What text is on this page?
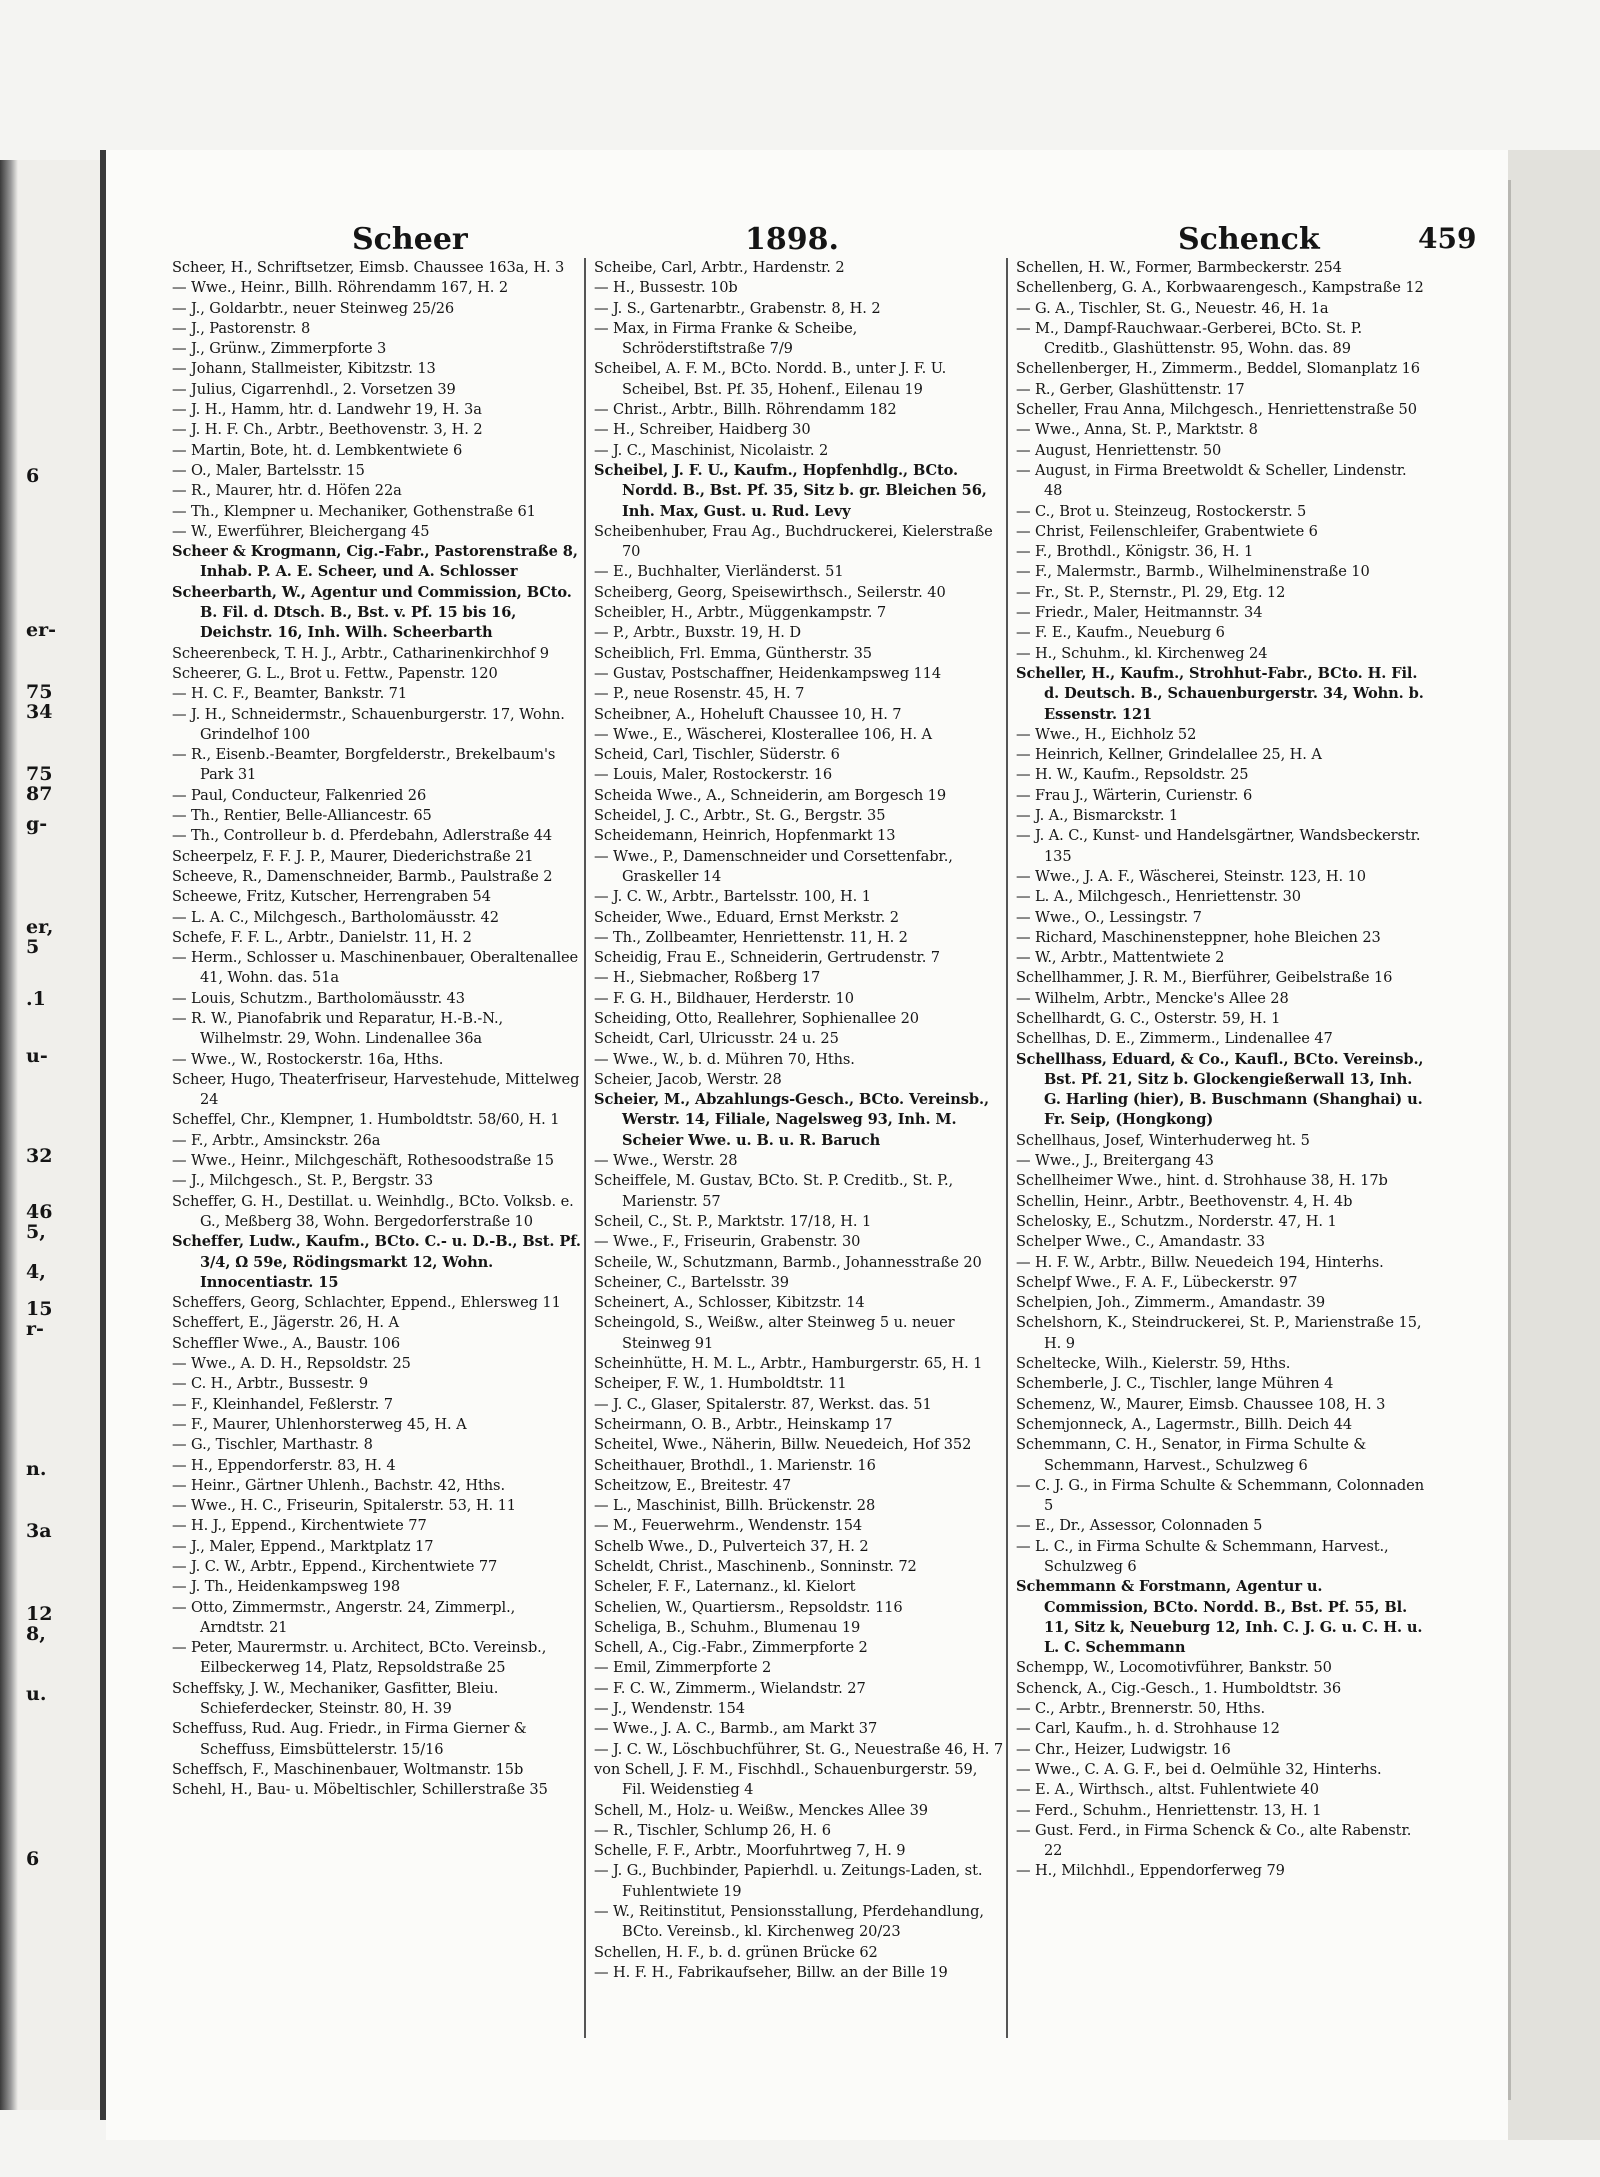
6
er-
75
34
75
87
g-
er,
5
.1
u-
32
46
5,
4,
15
r-
n.
3a
12
8,
u.
6
Scheer	1898.	Schenck	459
Scheer, H., Schriftsetzer, Eimsb. Chaussee 163a, H. 3
— Wwe., Heinr., Billh. Röhrendamm 167, H. 2
— J., Goldarbtr., neuer Steinweg 25/26
— J., Pastorenstr. 8
— J., Grünw., Zimmerpforte 3
— Johann, Stallmeister, Kibitzstr. 13
— Julius, Cigarrenhdl., 2. Vorsetzen 39
— J. H., Hamm, htr. d. Landwehr 19, H. 3a
— J. H. F. Ch., Arbtr., Beethovenstr. 3, H. 2
— Martin, Bote, ht. d. Lembkentwiete 6
— O., Maler, Bartelsstr. 15
— R., Maurer, htr. d. Höfen 22a
— Th., Klempner u. Mechaniker, Gothenstraße 61
— W., Ewerführer, Bleichergang 45
Scheer & Krogmann, Cig.-Fabr., Pastorenstraße 8, Inhab. P. A. E. Scheer, und A. Schlosser
Scheerbarth, W., Agentur und Commission, BCto. B. Fil. d. Dtsch. B., Bst. v. Pf. 15 bis 16, Deichstr. 16, Inh. Wilh. Scheerbarth
Scheerenbeck, T. H. J., Arbtr., Catharinenkirchhof 9
Scheerer, G. L., Brot u. Fettw., Papenstr. 120
— H. C. F., Beamter, Bankstr. 71
— J. H., Schneidermstr., Schauenburgerstr. 17, Wohn. Grindelhof 100
— R., Eisenb.-Beamter, Borgfelderstr., Brekelbaum's Park 31
— Paul, Conducteur, Falkenried 26
— Th., Rentier, Belle-Alliancestr. 65
— Th., Controlleur b. d. Pferdebahn, Adlerstraße 44
Scheerpelz, F. F. J. P., Maurer, Diederichstraße 21
Scheeve, R., Damenschneider, Barmb., Paulstraße 2
Scheewe, Fritz, Kutscher, Herrengraben 54
— L. A. C., Milchgesch., Bartholomäusstr. 42
Schefe, F. F. L., Arbtr., Danielstr. 11, H. 2
— Herm., Schlosser u. Maschinenbauer, Oberaltenallee 41, Wohn. das. 51a
— Louis, Schutzm., Bartholomäusstr. 43
— R. W., Pianofabrik und Reparatur, H.-B.-N., Wilhelmstr. 29, Wohn. Lindenallee 36a
— Wwe., W., Rostockerstr. 16a, Hths.
Scheer, Hugo, Theaterfriseur, Harvestehude, Mittelweg 24
Scheffel, Chr., Klempner, 1. Humboldtstr. 58/60, H. 1
— F., Arbtr., Amsinckstr. 26a
— Wwe., Heinr., Milchgeschäft, Rothesoodstraße 15
— J., Milchgesch., St. P., Bergstr. 33
Scheffer, G. H., Destillat. u. Weinhdlg., BCto. Volksb. e. G., Meßberg 38, Wohn. Bergedorferstraße 10
Scheffer, Ludw., Kaufm., BCto. C.- u. D.-B., Bst. Pf. 3/4, Ω 59e, Rödingsmarkt 12, Wohn. Innocentiastr. 15
Scheffers, Georg, Schlachter, Eppend., Ehlersweg 11
Scheffert, E., Jägerstr. 26, H. A
Scheffler Wwe., A., Baustr. 106
— Wwe., A. D. H., Repsoldstr. 25
— C. H., Arbtr., Bussestr. 9
— F., Kleinhandel, Feßlerstr. 7
— F., Maurer, Uhlenhorsterweg 45, H. A
— G., Tischler, Marthastr. 8
— H., Eppendorferstr. 83, H. 4
— Heinr., Gärtner Uhlenh., Bachstr. 42, Hths.
— Wwe., H. C., Friseurin, Spitalerstr. 53, H. 11
— H. J., Eppend., Kirchentwiete 77
— J., Maler, Eppend., Marktplatz 17
— J. C. W., Arbtr., Eppend., Kirchentwiete 77
— J. Th., Heidenkampsweg 198
— Otto, Zimmermstr., Angerstr. 24, Zimmerpl., Arndtstr. 21
— Peter, Maurermstr. u. Architect, BCto. Vereinsb., Eilbeckerweg 14, Platz, Repsoldstraße 25
Scheffsky, J. W., Mechaniker, Gasfitter, Bleiu. Schieferdecker, Steinstr. 80, H. 39
Scheffuss, Rud. Aug. Friedr., in Firma Gierner & Scheffuss, Eimsbüttelerstr. 15/16
Scheffsch, F., Maschinenbauer, Woltmanstr. 15b
Schehl, H., Bau- u. Möbeltischler, Schillerstraße 35
Scheibe, Carl, Arbtr., Hardenstr. 2
— H., Bussestr. 10b
— J. S., Gartenarbtr., Grabenstr. 8, H. 2
— Max, in Firma Franke & Scheibe, Schröderstiftstraße 7/9
Scheibel, A. F. M., BCto. Nordd. B., unter J. F. U. Scheibel, Bst. Pf. 35, Hohenf., Eilenau 19
— Christ., Arbtr., Billh. Röhrendamm 182
— H., Schreiber, Haidberg 30
— J. C., Maschinist, Nicolaistr. 2
Scheibel, J. F. U., Kaufm., Hopfenhdlg., BCto. Nordd. B., Bst. Pf. 35, Sitz b. gr. Bleichen 56, Inh. Max, Gust. u. Rud. Levy
Scheibenhuber, Frau Ag., Buchdruckerei, Kielerstraße 70
— E., Buchhalter, Vierländerst. 51
Scheiberg, Georg, Speisewirthsch., Seilerstr. 40
Scheibler, H., Arbtr., Müggenkampstr. 7
— P., Arbtr., Buxstr. 19, H. D
Scheiblich, Frl. Emma, Güntherstr. 35
— Gustav, Postschaffner, Heidenkampsweg 114
— P., neue Rosenstr. 45, H. 7
Scheibner, A., Hoheluft Chaussee 10, H. 7
— Wwe., E., Wäscherei, Klosterallee 106, H. A
Scheid, Carl, Tischler, Süderstr. 6
— Louis, Maler, Rostockerstr. 16
Scheida Wwe., A., Schneiderin, am Borgesch 19
Scheidel, J. C., Arbtr., St. G., Bergstr. 35
Scheidemann, Heinrich, Hopfenmarkt 13
— Wwe., P., Damenschneider und Corsettenfabr., Graskeller 14
— J. C. W., Arbtr., Bartelsstr. 100, H. 1
Scheider, Wwe., Eduard, Ernst Merkstr. 2
— Th., Zollbeamter, Henriettenstr. 11, H. 2
Scheidig, Frau E., Schneiderin, Gertrudenstr. 7
— H., Siebmacher, Roßberg 17
— F. G. H., Bildhauer, Herderstr. 10
Scheiding, Otto, Reallehrer, Sophienallee 20
Scheidt, Carl, Ulricusstr. 24 u. 25
— Wwe., W., b. d. Mühren 70, Hths.
Scheier, Jacob, Werstr. 28
Scheier, M., Abzahlungs-Gesch., BCto. Vereinsb., Werstr. 14, Filiale, Nagelsweg 93, Inh. M. Scheier Wwe. u. B. u. R. Baruch
— Wwe., Werstr. 28
Scheiffele, M. Gustav, BCto. St. P. Creditb., St. P., Marienstr. 57
Scheil, C., St. P., Marktstr. 17/18, H. 1
— Wwe., F., Friseurin, Grabenstr. 30
Scheile, W., Schutzmann, Barmb., Johannesstraße 20
Scheiner, C., Bartelsstr. 39
Scheinert, A., Schlosser, Kibitzstr. 14
Scheingold, S., Weißw., alter Steinweg 5 u. neuer Steinweg 91
Scheinhütte, H. M. L., Arbtr., Hamburgerstr. 65, H. 1
Scheiper, F. W., 1. Humboldtstr. 11
— J. C., Glaser, Spitalerstr. 87, Werkst. das. 51
Scheirmann, O. B., Arbtr., Heinskamp 17
Scheitel, Wwe., Näherin, Billw. Neuedeich, Hof 352
Scheithauer, Brothdl., 1. Marienstr. 16
Scheitzow, E., Breitestr. 47
— L., Maschinist, Billh. Brückenstr. 28
— M., Feuerwehrm., Wendenstr. 154
Schelb Wwe., D., Pulverteich 37, H. 2
Scheldt, Christ., Maschinenb., Sonninstr. 72
Scheler, F. F., Laternanz., kl. Kielort
Schelien, W., Quartiersm., Repsoldstr. 116
Scheliga, B., Schuhm., Blumenau 19
Schell, A., Cig.-Fabr., Zimmerpforte 2
— Emil, Zimmerpforte 2
— F. C. W., Zimmerm., Wielandstr. 27
— J., Wendenstr. 154
— Wwe., J. A. C., Barmb., am Markt 37
— J. C. W., Löschbuchführer, St. G., Neuestraße 46, H. 7
von Schell, J. F. M., Fischhdl., Schauenburgerstr. 59, Fil. Weidenstieg 4
Schell, M., Holz- u. Weißw., Menckes Allee 39
— R., Tischler, Schlump 26, H. 6
Schelle, F. F., Arbtr., Moorfuhrtweg 7, H. 9
— J. G., Buchbinder, Papierhdl. u. Zeitungs-Laden, st. Fuhlentwiete 19
— W., Reitinstitut, Pensionsstallung, Pferdehandlung, BCto. Vereinsb., kl. Kirchenweg 20/23
Schellen, H. F., b. d. grünen Brücke 62
— H. F. H., Fabrikaufseher, Billw. an der Bille 19
Schellen, H. W., Former, Barmbeckerstr. 254
Schellenberg, G. A., Korbwaarengesch., Kampstraße 12
— G. A., Tischler, St. G., Neuestr. 46, H. 1a
— M., Dampf-Rauchwaar.-Gerberei, BCto. St. P. Creditb., Glashüttenstr. 95, Wohn. das. 89
Schellenberger, H., Zimmerm., Beddel, Slomanplatz 16
— R., Gerber, Glashüttenstr. 17
Scheller, Frau Anna, Milchgesch., Henriettenstraße 50
— Wwe., Anna, St. P., Marktstr. 8
— August, Henriettenstr. 50
— August, in Firma Breetwoldt & Scheller, Lindenstr. 48
— C., Brot u. Steinzeug, Rostockerstr. 5
— Christ, Feilenschleifer, Grabentwiete 6
— F., Brothdl., Königstr. 36, H. 1
— F., Malermstr., Barmb., Wilhelminenstraße 10
— Fr., St. P., Sternstr., Pl. 29, Etg. 12
— Friedr., Maler, Heitmannstr. 34
— F. E., Kaufm., Neueburg 6
— H., Schuhm., kl. Kirchenweg 24
Scheller, H., Kaufm., Strohhut-Fabr., BCto. H. Fil. d. Deutsch. B., Schauenburgerstr. 34, Wohn. b. Essenstr. 121
— Wwe., H., Eichholz 52
— Heinrich, Kellner, Grindelallee 25, H. A
— H. W., Kaufm., Repsoldstr. 25
— Frau J., Wärterin, Curienstr. 6
— J. A., Bismarckstr. 1
— J. A. C., Kunst- und Handelsgärtner, Wandsbeckerstr. 135
— Wwe., J. A. F., Wäscherei, Steinstr. 123, H. 10
— L. A., Milchgesch., Henriettenstr. 30
— Wwe., O., Lessingstr. 7
— Richard, Maschinensteppner, hohe Bleichen 23
— W., Arbtr., Mattentwiete 2
Schellhammer, J. R. M., Bierführer, Geibelstraße 16
— Wilhelm, Arbtr., Mencke's Allee 28
Schellhardt, G. C., Osterstr. 59, H. 1
Schellhas, D. E., Zimmerm., Lindenallee 47
Schellhass, Eduard, & Co., Kaufl., BCto. Vereinsb., Bst. Pf. 21, Sitz b. Glockengießerwall 13, Inh. G. Harling (hier), B. Buschmann (Shanghai) u. Fr. Seip, (Hongkong)
Schellhaus, Josef, Winterhuderweg ht. 5
— Wwe., J., Breitergang 43
Schellheimer Wwe., hint. d. Strohhause 38, H. 17b
Schellin, Heinr., Arbtr., Beethovenstr. 4, H. 4b
Schelosky, E., Schutzm., Norderstr. 47, H. 1
Schelper Wwe., C., Amandastr. 33
— H. F. W., Arbtr., Billw. Neuedeich 194, Hinterhs.
Schelpf Wwe., F. A. F., Lübeckerstr. 97
Schelpien, Joh., Zimmerm., Amandastr. 39
Schelshorn, K., Steindruckerei, St. P., Marienstraße 15, H. 9
Scheltecke, Wilh., Kielerstr. 59, Hths.
Schemberle, J. C., Tischler, lange Mühren 4
Schemenz, W., Maurer, Eimsb. Chaussee 108, H. 3
Schemjonneck, A., Lagermstr., Billh. Deich 44
Schemmann, C. H., Senator, in Firma Schulte & Schemmann, Harvest., Schulzweg 6
— C. J. G., in Firma Schulte & Schemmann, Colonnaden 5
— E., Dr., Assessor, Colonnaden 5
— L. C., in Firma Schulte & Schemmann, Harvest., Schulzweg 6
Schemmann & Forstmann, Agentur u. Commission, BCto. Nordd. B., Bst. Pf. 55, Bl. 11, Sitz k, Neueburg 12, Inh. C. J. G. u. C. H. u. L. C. Schemmann
Schempp, W., Locomotivführer, Bankstr. 50
Schenck, A., Cig.-Gesch., 1. Humboldtstr. 36
— C., Arbtr., Brennerstr. 50, Hths.
— Carl, Kaufm., h. d. Strohhause 12
— Chr., Heizer, Ludwigstr. 16
— Wwe., C. A. G. F., bei d. Oelmühle 32, Hinterhs.
— E. A., Wirthsch., altst. Fuhlentwiete 40
— Ferd., Schuhm., Henriettenstr. 13, H. 1
— Gust. Ferd., in Firma Schenck & Co., alte Rabenstr. 22
— H., Milchhdl., Eppendorferweg 79
